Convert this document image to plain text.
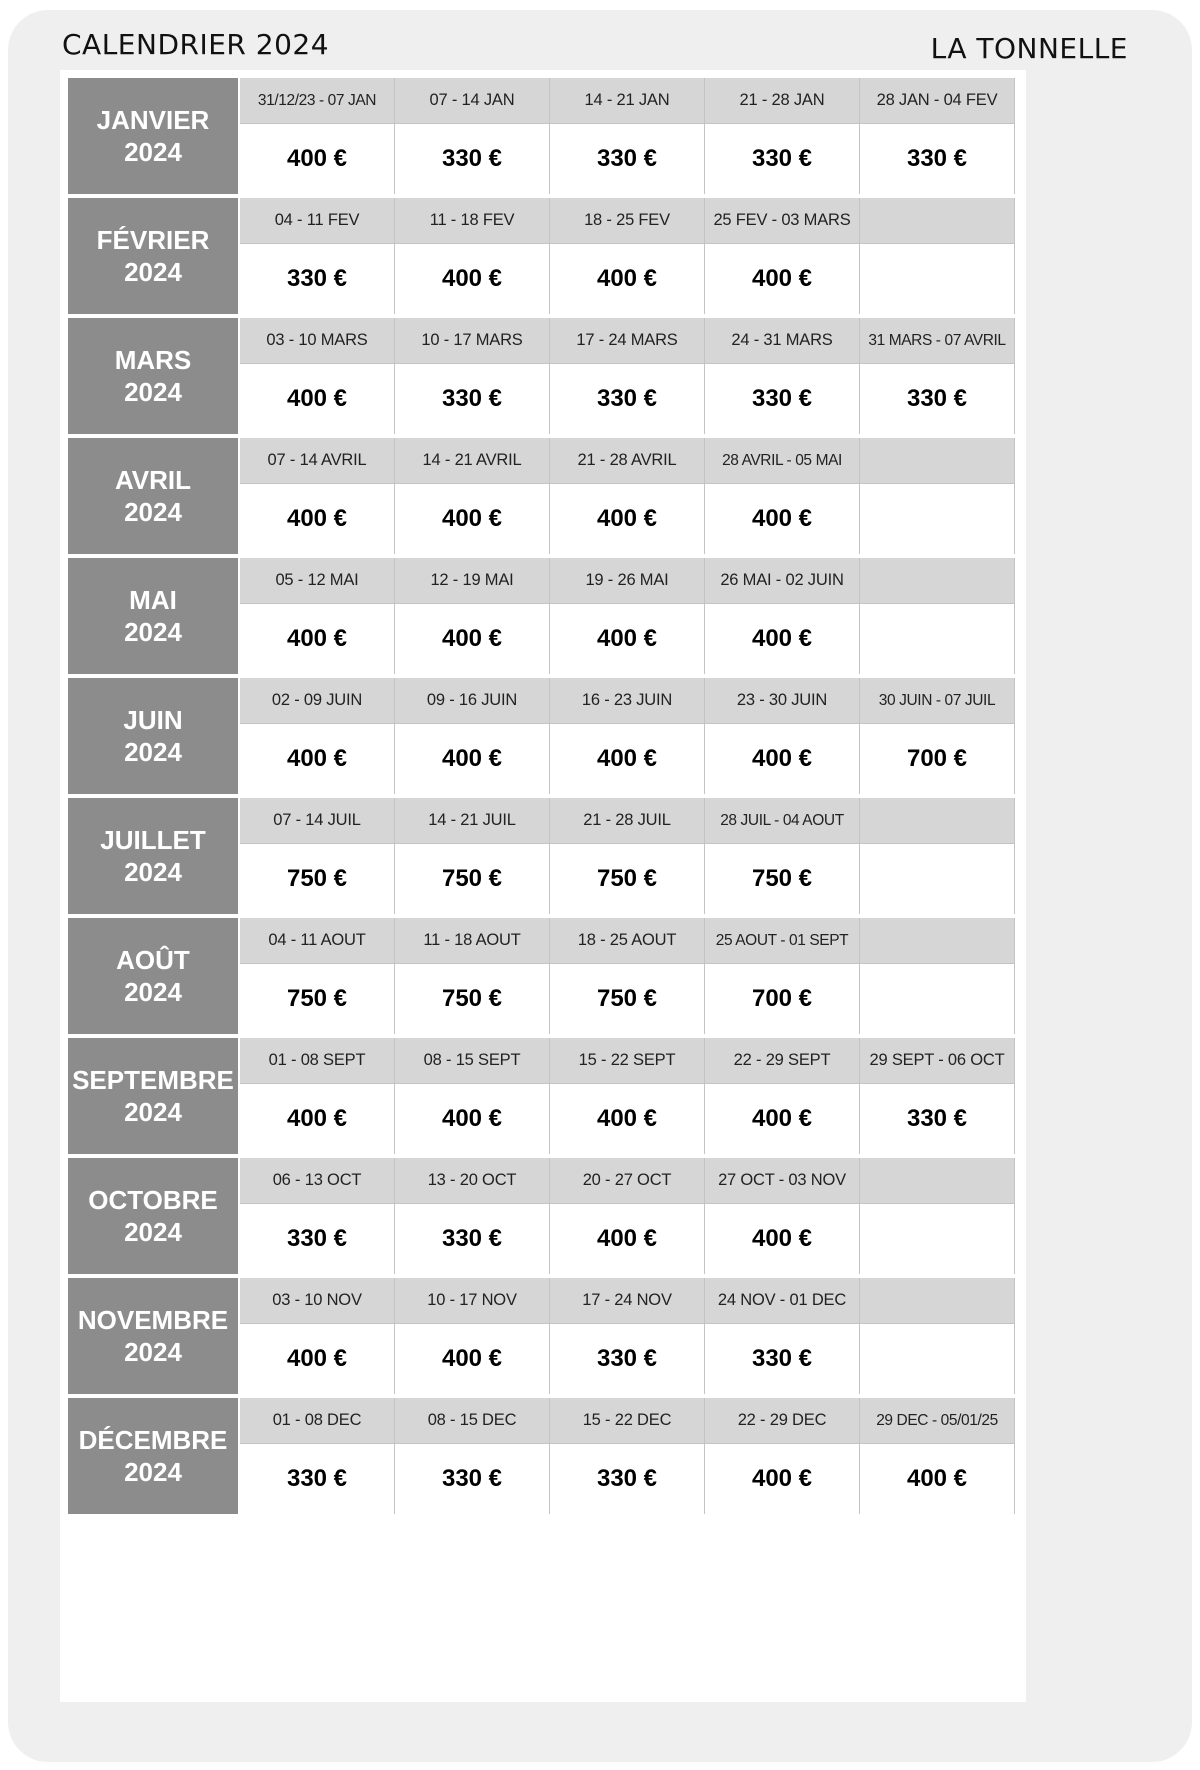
CALENDRIER 2024	LA TONNELLE
JANVIER
2024
31/12/23 - 07 JAN
400 €
07 - 14 JAN
330 €
14 - 21 JAN
330 €
21 - 28 JAN
330 €
28 JAN - 04 FEV
330 €
FÉVRIER
2024
04 - 11 FEV
330 €
11 - 18 FEV
400 €
18 - 25 FEV
400 €
25 FEV - 03 MARS
400 €
MARS
2024
03 - 10 MARS
400 €
10 - 17 MARS
330 €
17 - 24 MARS
330 €
24 - 31 MARS
330 €
31 MARS - 07 AVRIL
330 €
AVRIL
2024
07 - 14 AVRIL
400 €
14 - 21 AVRIL
400 €
21 - 28 AVRIL
400 €
28 AVRIL - 05 MAI
400 €
MAI
2024
05 - 12 MAI
400 €
12 - 19 MAI
400 €
19 - 26 MAI
400 €
26 MAI - 02 JUIN
400 €
JUIN
2024
02 - 09 JUIN
400 €
09 - 16 JUIN
400 €
16 - 23 JUIN
400 €
23 - 30 JUIN
400 €
30 JUIN - 07 JUIL
700 €
JUILLET
2024
07 - 14 JUIL
750 €
14 - 21 JUIL
750 €
21 - 28 JUIL
750 €
28 JUIL - 04 AOUT
750 €
AOÛT
2024
04 - 11 AOUT
750 €
11 - 18 AOUT
750 €
18 - 25 AOUT
750 €
25 AOUT - 01 SEPT
700 €
SEPTEMBRE
2024
01 - 08 SEPT
400 €
08 - 15 SEPT
400 €
15 - 22 SEPT
400 €
22 - 29 SEPT
400 €
29 SEPT - 06 OCT
330 €
OCTOBRE
2024
06 - 13 OCT
330 €
13 - 20 OCT
330 €
20 - 27 OCT
400 €
27 OCT - 03 NOV
400 €
NOVEMBRE
2024
03 - 10 NOV
400 €
10 - 17 NOV
400 €
17 - 24 NOV
330 €
24 NOV - 01 DEC
330 €
DÉCEMBRE
2024
01 - 08 DEC
330 €
08 - 15 DEC
330 €
15 - 22 DEC
330 €
22 - 29 DEC
400 €
29 DEC - 05/01/25
400 €
